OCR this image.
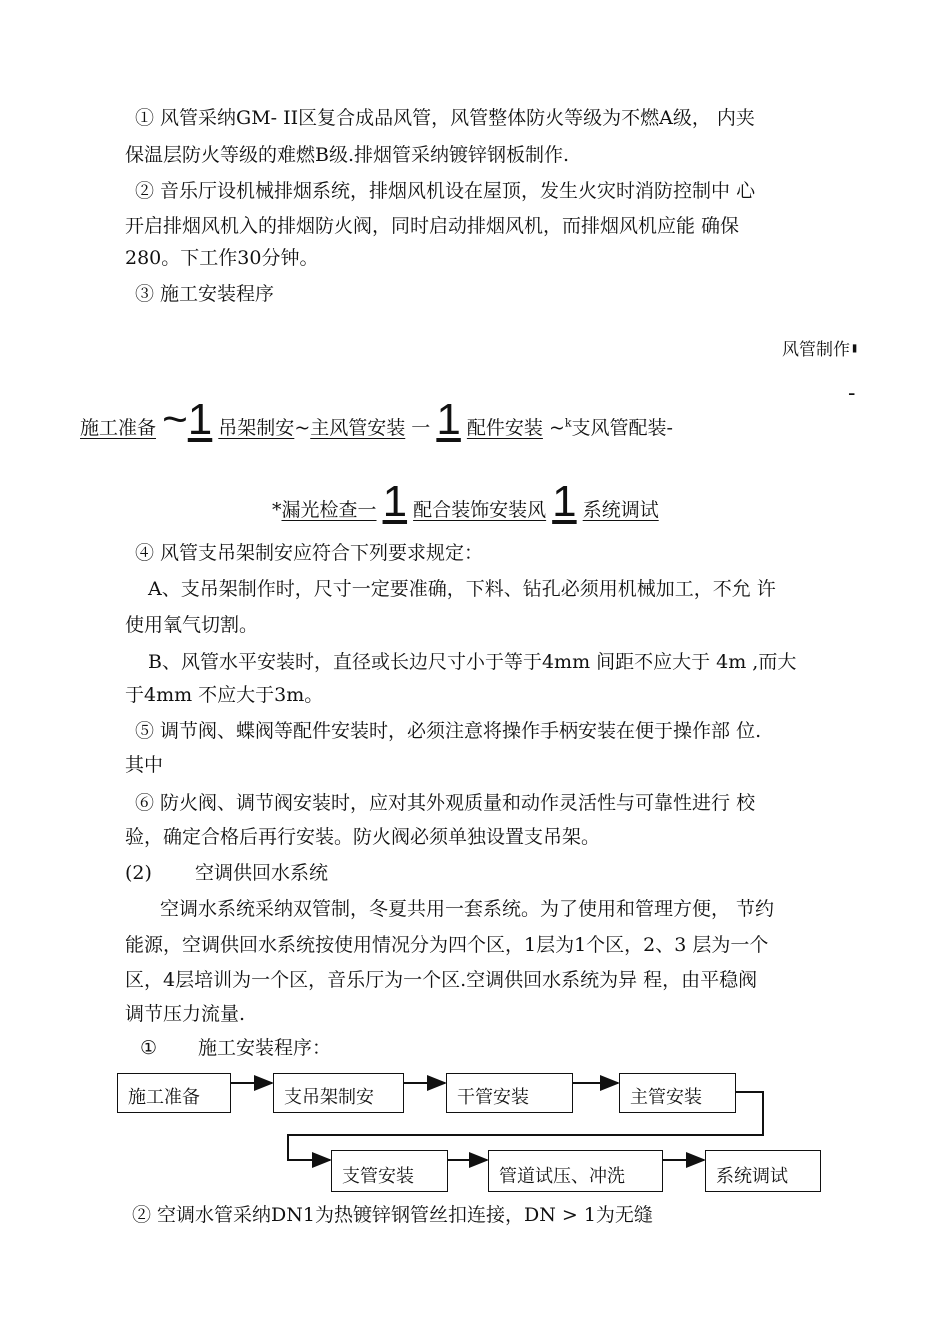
① 风管采纳GM- II区复合成品风管，风管整体防火等级为不燃A级， 内夹
保温层防火等级的难燃B级.排烟管采纳镀锌钢板制作.
② 音乐厅设机械排烟系统，排烟风机设在屋顶，发生火灾时消防控制中 心
开启排烟风机入的排烟防火阀，同时启动排烟风机，而排烟风机应能 确保
280。下工作30分钟。
③ 施工安装程序
风管制作 '
-
施工准备 ~1 吊架制安~主风管安装 一 1 配件安装 ~$^k$支风管配装-
*漏光检查一 1 配合装饰安装风 1 系统调试
④ 风管支吊架制安应符合下列要求规定：
A、支吊架制作时，尺寸一定要准确，下料、钻孔必须用机械加工，不允 许
使用氧气切割。
B、风管水平安装时，直径或长边尺寸小于等于4mm 间距不应大于 4m ,而大
于4mm 不应大于3m。
⑤ 调节阀、蝶阀等配件安装时，必须注意将操作手柄安装在便于操作部 位.
其中
⑥ 防火阀、调节阀安装时，应对其外观质量和动作灵活性与可靠性进行 校
验，确定合格后再行安装。防火阀必须单独设置支吊架。
(2) 空调供回水系统
空调水系统采纳双管制，冬夏共用一套系统。为了使用和管理方便， 节约
能源，空调供回水系统按使用情况分为四个区，1层为1个区，2、3 层为一个
区，4层培训为一个区，音乐厅为一个区.空调供回水系统为异 程，由平稳阀
调节压力流量.
① 施工安装程序：
施工准备	支吊架制安	干管安装	主管安装
支管安装	管道试压、冲洗	系统调试
② 空调水管采纳DN1为热镀锌钢管丝扣连接，DN > 1为无缝
